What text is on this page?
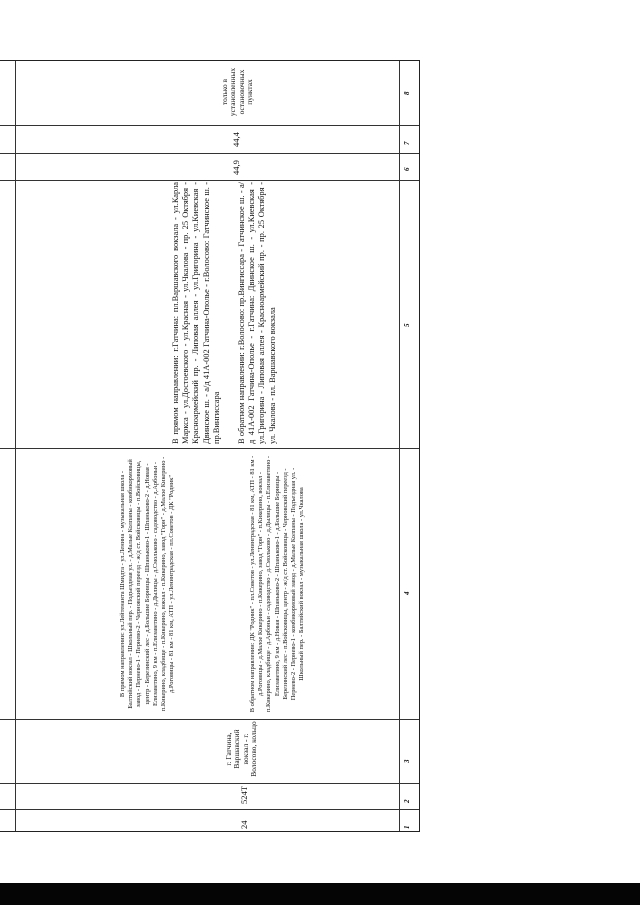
1
2
3
4
5
6
7
8
24
524Т
г. Гатчина, Варшавский вокзал - г. Волосово, кольцо
В прямом направлении: ул.Лейтенанта Шмидта - ул.Ленина - музыкальная школа - Балтийский вокзал - Школьный пер. - Подъездная ул. - д.Малые Колпаны - комбикормовый завод - Пернево-1 - Пернево-2 - Черновский переезд - ж/д ст. Войсковицы - п.Войсковицы, центр - Березинский лес - д.Большие Борницы - Шпаньково-1 - Шпаньково-2 - д.Новая - Елизаветино, 9 км - п.Елизаветино - д.Дылицы - д.Смольково - садоводство - д.Арбоньи - п.Кикерино, кладбище - п.Кикерино, вокзал - п.Кикерино, завод "Горн" - д.Малое Кикерино - д.Роговицы - 81 км - 81 км, АТП - ул.Ленинградская - пл.Советов - ДК "Родник"	В обратном направлении: ДК "Родник" - пл.Советов - ул.Ленинградская - 81 км, АТП - 81 км - д.Роговицы - д.Малое Кикерино - п.Кикерино, завод "Горн" - п.Кикерино, вокзал - п.Кикерино, кладбище - д.Арбоньи - садоводство - д.Смольково - д.Дылицы - п.Елизаветино - Елизаветино, 9 км - д.Новая - Шпаньково-2 - Шпаньково-1 - д.Большие Борницы - Березинский лес - п.Войсковицы, центр - ж/д ст. Войсковицы - Черновский переезд - Пернево-2 - Пернево-1 - комбикормовый завод - д.Малые Колпаны - Подъездная ул. - Школьный пер. - Балтийский вокзал - музыкальная школа - ул.Чкалова
В прямом направлении: г.Гатчина: пл.Варшавского вокзала - ул.Карла Маркса - ул.Достоевского - ул.Красная - ул.Чкалова - пр. 25 Октября - Красноармейский пр. - Липовая аллея - ул.Григорина - ул.Киевская - Двинское ш. - а/д 41А-002 Гатчина-Ополье - г.Волосово: Гатчинское ш. - пр.Вингиссара В обратном направлении: г.Волосово: пр.Вингиссара - Гатчинское ш. - а/д 41А-002 Гатчина-Ополье - г.Гатчина: Двинское ш. - ул.Киевская - ул.Григорина - Липовая аллея - Красноармейский пр. - пр. 25 Октября - ул. Чкалова - пл. Варшавского вокзала
44,9
44,4
только в установленных остановочных пунктах
